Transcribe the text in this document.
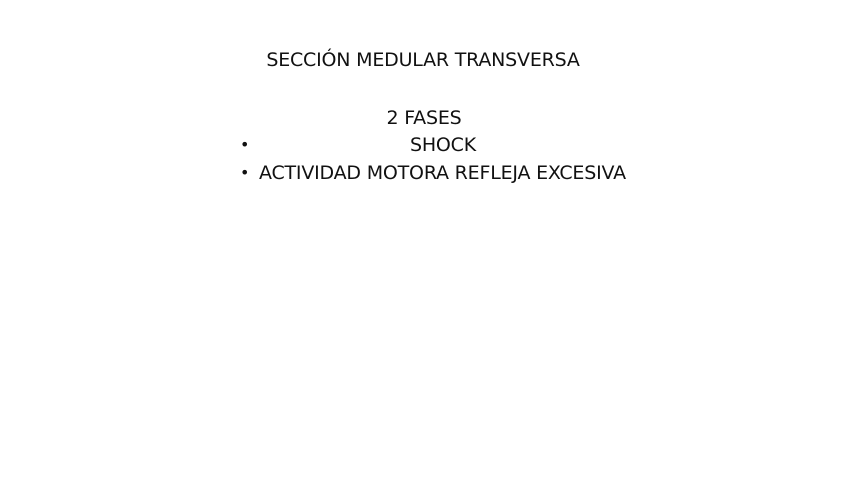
SECCIÓN MEDULAR TRANSVERSA
2 FASES
•	SHOCK
• ACTIVIDAD MOTORA REFLEJA EXCESIVA
